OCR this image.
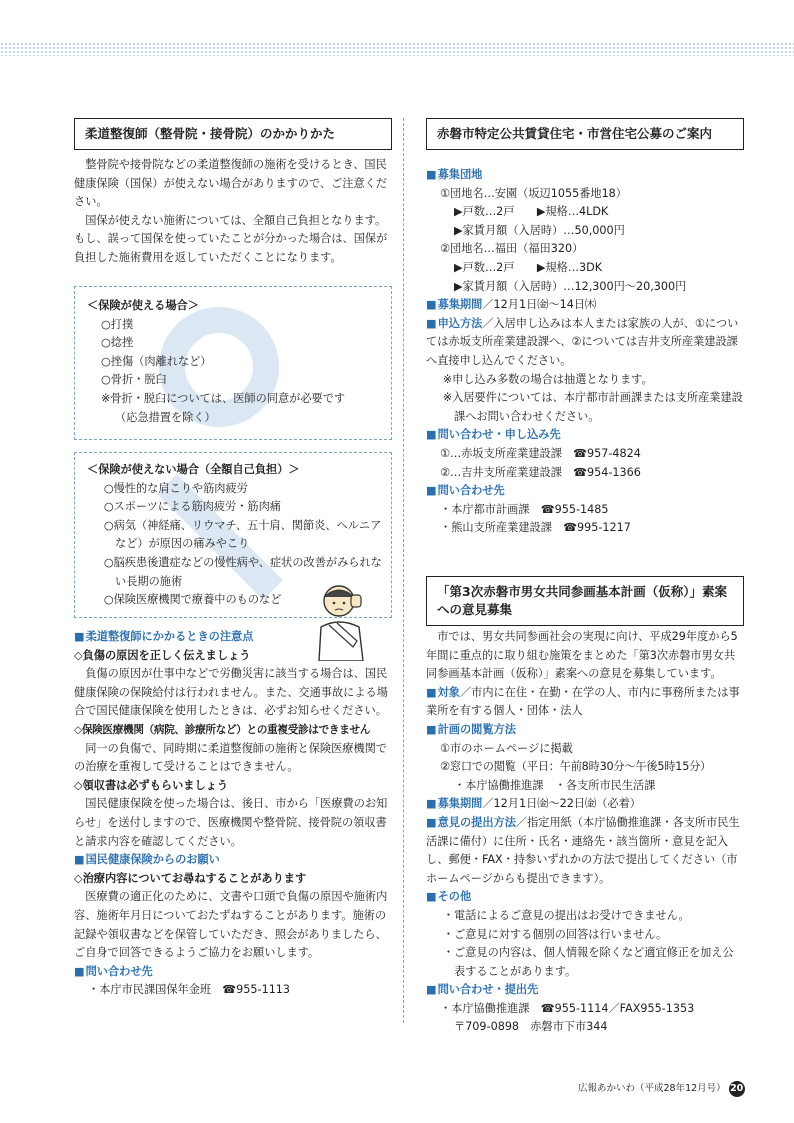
柔道整復師（整骨院・接骨院）のかかりかた
整骨院や接骨院などの柔道整復師の施術を受けるとき、国民健康保険（国保）が使えない場合がありますので、ご注意ください。
国保が使えない施術については、全額自己負担となります。もし、誤って国保を使っていたことが分かった場合は、国保が負担した施術費用を返していただくことになります。
＜保険が使える場合＞
○打撲
○捻挫
○挫傷（肉離れなど）
○骨折・脱臼
※骨折・脱臼については、医師の同意が必要です
（応急措置を除く）
＜保険が使えない場合（全額自己負担）＞
○慢性的な肩こりや筋肉疲労
○スポーツによる筋肉疲労・筋肉痛
○病気（神経痛、リウマチ、五十肩、関節炎、ヘルニアなど）が原因の痛みやこり
○脳疾患後遺症などの慢性病や、症状の改善がみられない長期の施術
○保険医療機関で療養中のものなど
■ 柔道整復師にかかるときの注意点
◇負傷の原因を正しく伝えましょう
負傷の原因が仕事中などで労働災害に該当する場合は、国民健康保険の保険給付は行われません。また、交通事故による場合で国民健康保険を使用したときは、必ずお知らせください。
◇保険医療機関（病院、診療所など）との重複受診はできません
同一の負傷で、同時期に柔道整復師の施術と保険医療機関での治療を重複して受けることはできません。
◇領収書は必ずもらいましょう
国民健康保険を使った場合は、後日、市から「医療費のお知らせ」を送付しますので、医療機関や整骨院、接骨院の領収書と請求内容を確認してください。
■ 国民健康保険からのお願い
◇治療内容についてお尋ねすることがあります
医療費の適正化のために、文書や口頭で負傷の原因や施術内容、施術年月日についておたずねすることがあります。施術の記録や領収書などを保管していただき、照会がありましたら、ご自身で回答できるようご協力をお願いします。
■ 問い合わせ先
・本庁市民課国保年金班　☎955-1113
赤磐市特定公共賃貸住宅・市営住宅公募のご案内
■ 募集団地
①団地名…安園（坂辺1055番地18）
▶戸数…2戸　　▶規格…4LDK
▶家賃月額（入居時）…50,000円
②団地名…福田（福田320）
▶戸数…2戸　　▶規格…3DK
▶家賃月額（入居時）…12,300円〜20,300円
■ 募集期間／12月1日㈮〜14日㈭
■ 申込方法／入居申し込みは本人または家族の人が、①については赤坂支所産業建設課へ、②については吉井支所産業建設課へ直接申し込んでください。
※申し込み多数の場合は抽選となります。
※入居要件については、本庁都市計画課または支所産業建設課へお問い合わせください。
■ 問い合わせ・申し込み先
①…赤坂支所産業建設課　☎957-4824
②…吉井支所産業建設課　☎954-1366
■ 問い合わせ先
・本庁都市計画課　☎955-1485
・熊山支所産業建設課　☎995-1217
「第3次赤磐市男女共同参画基本計画（仮称）」素案への意見募集
市では、男女共同参画社会の実現に向け、平成29年度から5年間に重点的に取り組む施策をまとめた「第3次赤磐市男女共同参画基本計画（仮称）」素案への意見を募集しています。
■ 対象／市内に在住・在勤・在学の人、市内に事務所または事業所を有する個人・団体・法人
■ 計画の閲覧方法
①市のホームページに掲載
②窓口での閲覧（平日：午前8時30分〜午後5時15分）
・本庁協働推進課　・各支所市民生活課
■ 募集期間／12月1日㈮〜22日㈮（必着）
■ 意見の提出方法／指定用紙（本庁協働推進課・各支所市民生活課に備付）に住所・氏名・連絡先・該当箇所・意見を記入し、郵便・FAX・持参いずれかの方法で提出してください（市ホームページからも提出できます）。
■ その他
・電話によるご意見の提出はお受けできません。
・ご意見に対する個別の回答は行いません。
・ご意見の内容は、個人情報を除くなど適宜修正を加え公表することがあります。
■ 問い合わせ・提出先
・本庁協働推進課　☎955-1114／FAX955-1353
〒709-0898　赤磐市下市344
広報あかいわ（平成28年12月号） 20
